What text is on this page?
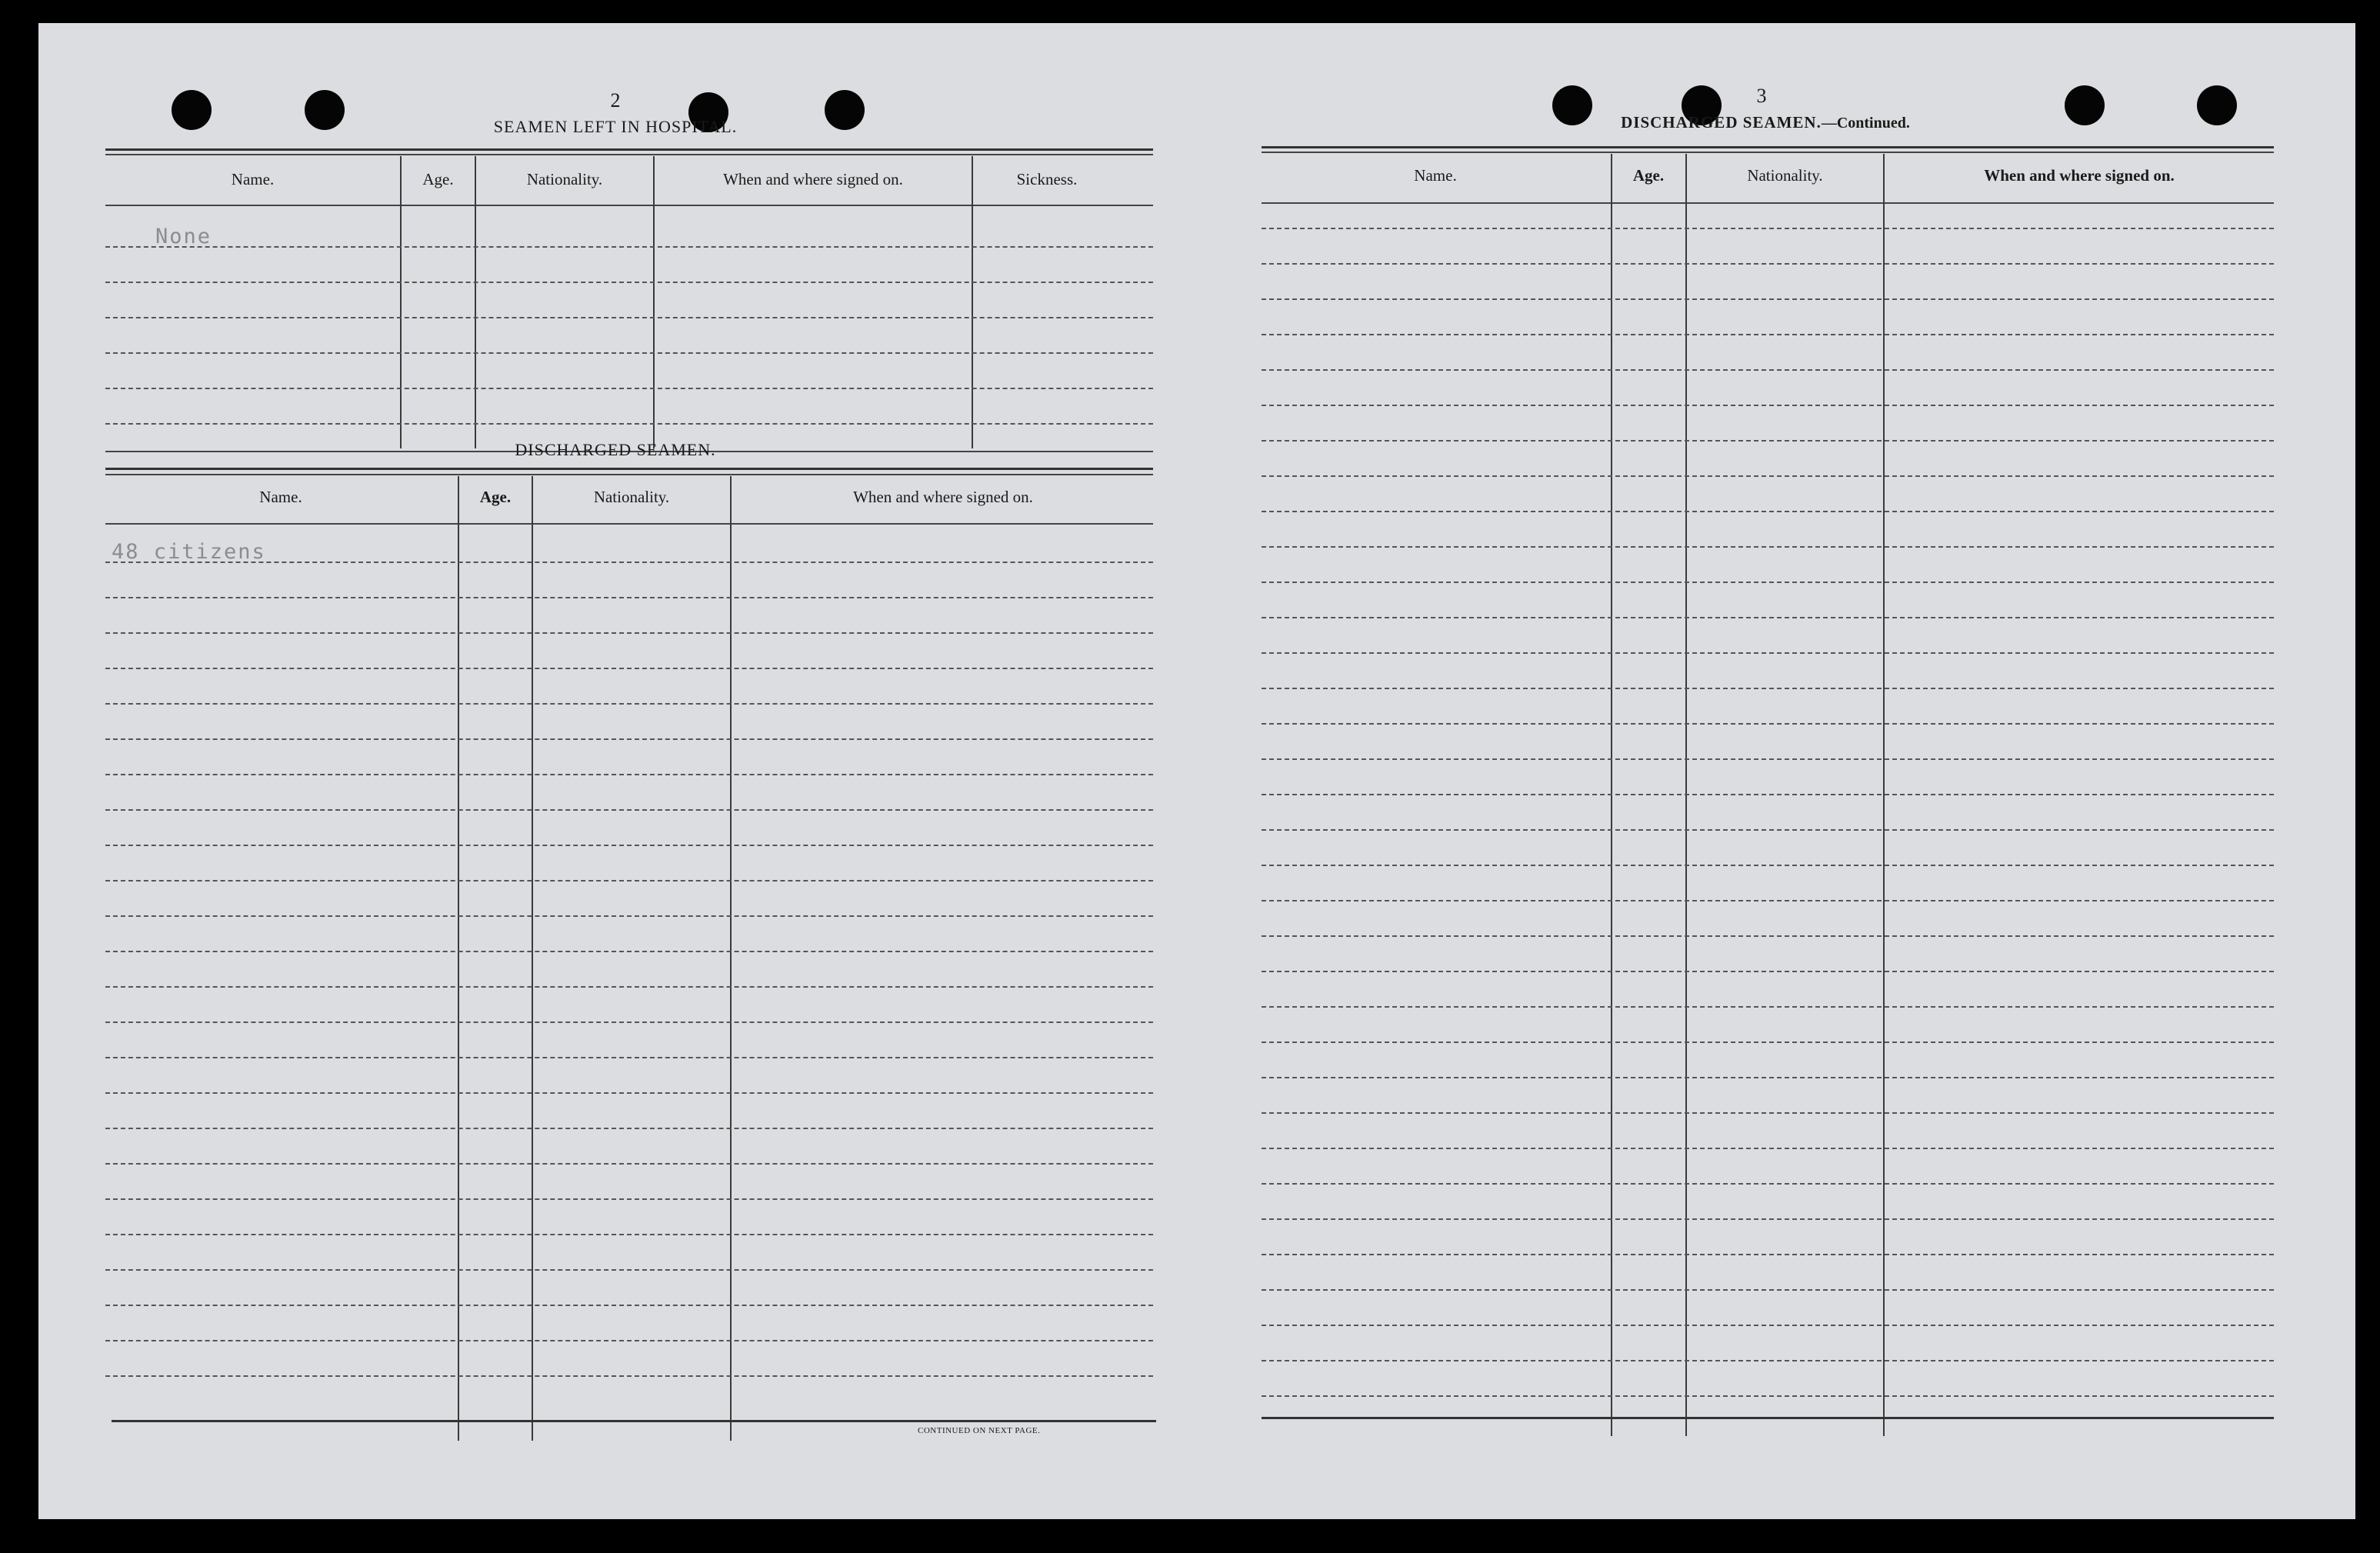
2
SEAMEN LEFT IN HOSPITAL.
Name.	Age.	Nationality.	When and where signed on.	Sickness.
None
DISCHARGED SEAMEN.
Name.	Age.	Nationality.	When and where signed on.
48 citizens
CONTINUED ON NEXT PAGE.
3
DISCHARGED SEAMEN.—Continued.
Name.	Age.	Nationality.	When and where signed on.
